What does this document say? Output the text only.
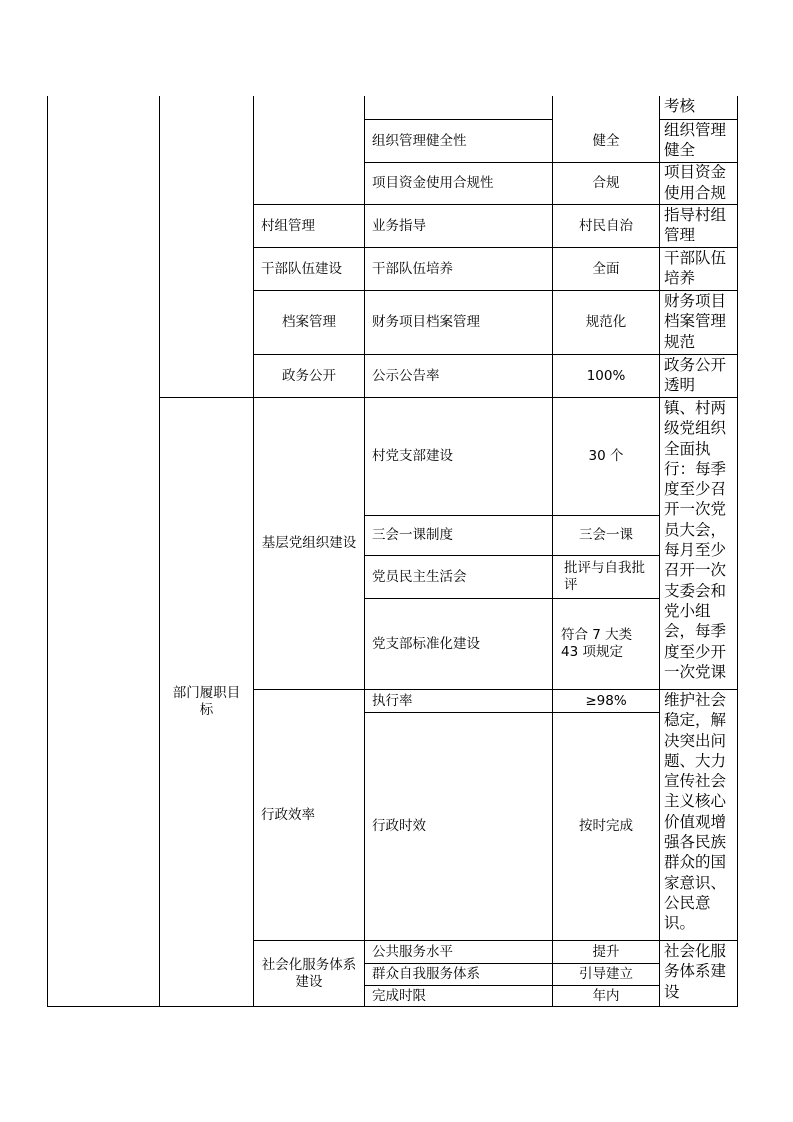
部门履职目标
村组管理
干部队伍建设
档案管理
政务公开
基层党组织建设
行政效率
社会化服务体系建设
组织管理健全性
项目资金使用合规性
业务指导
干部队伍培养
财务项目档案管理
公示公告率
村党支部建设
三会一课制度
党员民主生活会
党支部标准化建设
执行率
行政时效
公共服务水平
群众自我服务体系
完成时限
健全
合规
村民自治
全面
规范化
100%
30 个
三会一课
批评与自我批评
符合 7 大类 43 项规定
≥98%
按时完成
提升
引导建立
年内
考核
组织管理健全
项目资金使用合规
指导村组管理
干部队伍培养
财务项目档案管理规范
政务公开透明
镇、村两级党组织全面执行：每季度至少召开一次党员大会，每月至少召开一次支委会和党小组会，每季度至少开一次党课
维护社会稳定，解决突出问题、大力宣传社会主义核心价值观增强各民族群众的国家意识、公民意识。
社会化服务体系建设
